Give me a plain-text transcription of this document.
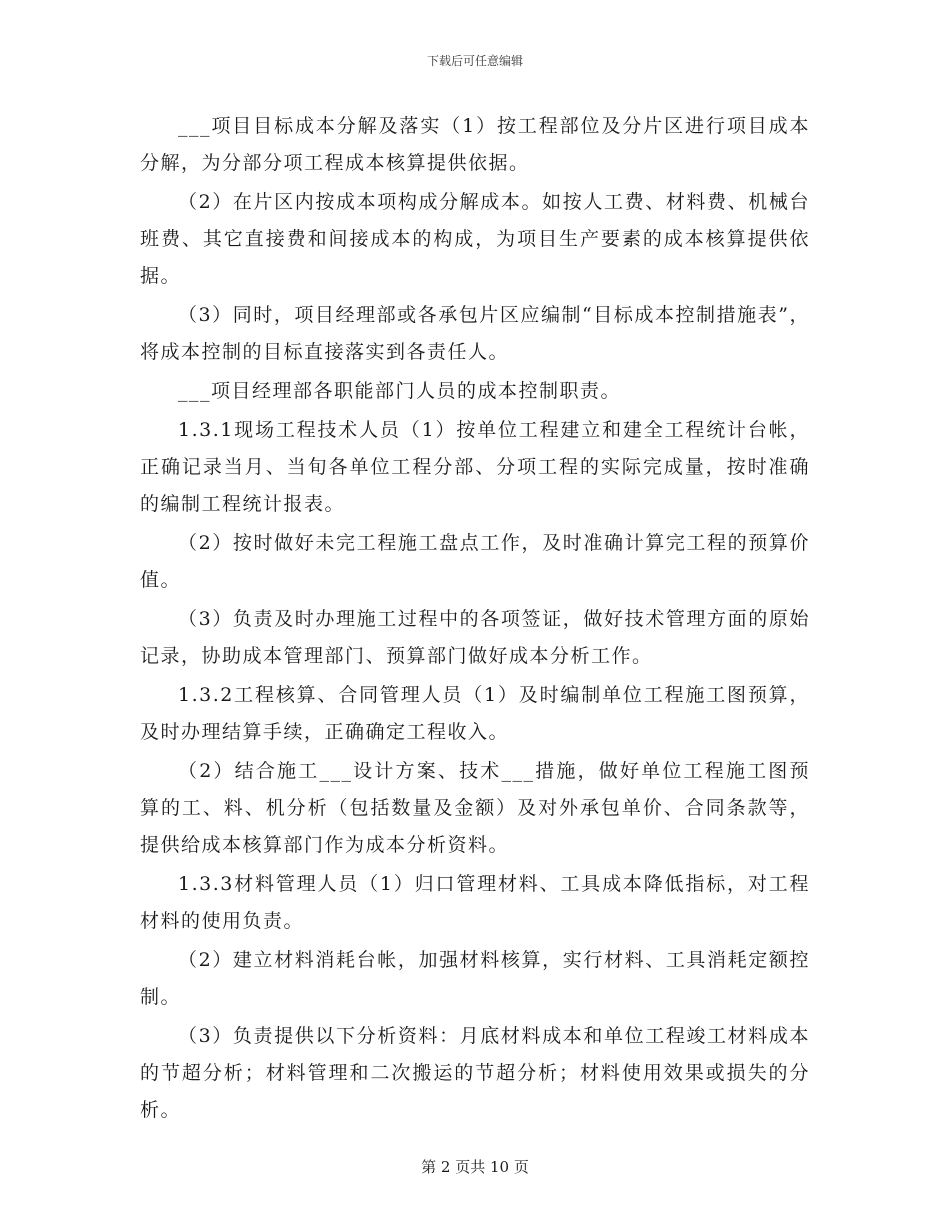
下载后可任意编辑

___项目目标成本分解及落实（1）按工程部位及分片区进行项目成本分解，为分部分项工程成本核算提供依据。

（2）在片区内按成本项构成分解成本。如按人工费、材料费、机械台班费、其它直接费和间接成本的构成，为项目生产要素的成本核算提供依据。

（3）同时，项目经理部或各承包片区应编制“目标成本控制措施表”，将成本控制的目标直接落实到各责任人。

___项目经理部各职能部门人员的成本控制职责。

1.3.1现场工程技术人员（1）按单位工程建立和建全工程统计台帐，正确记录当月、当旬各单位工程分部、分项工程的实际完成量，按时准确的编制工程统计报表。

（2）按时做好未完工程施工盘点工作，及时准确计算完工程的预算价值。

（3）负责及时办理施工过程中的各项签证，做好技术管理方面的原始记录，协助成本管理部门、预算部门做好成本分析工作。

1.3.2工程核算、合同管理人员（1）及时编制单位工程施工图预算，及时办理结算手续，正确确定工程收入。

（2）结合施工___设计方案、技术___措施，做好单位工程施工图预算的工、料、机分析（包括数量及金额）及对外承包单价、合同条款等，提供给成本核算部门作为成本分析资料。

1.3.3材料管理人员（1）归口管理材料、工具成本降低指标，对工程材料的使用负责。

（2）建立材料消耗台帐，加强材料核算，实行材料、工具消耗定额控制。

（3）负责提供以下分析资料：月底材料成本和单位工程竣工材料成本的节超分析；材料管理和二次搬运的节超分析；材料使用效果或损失的分析。

第 2 页共 10 页
